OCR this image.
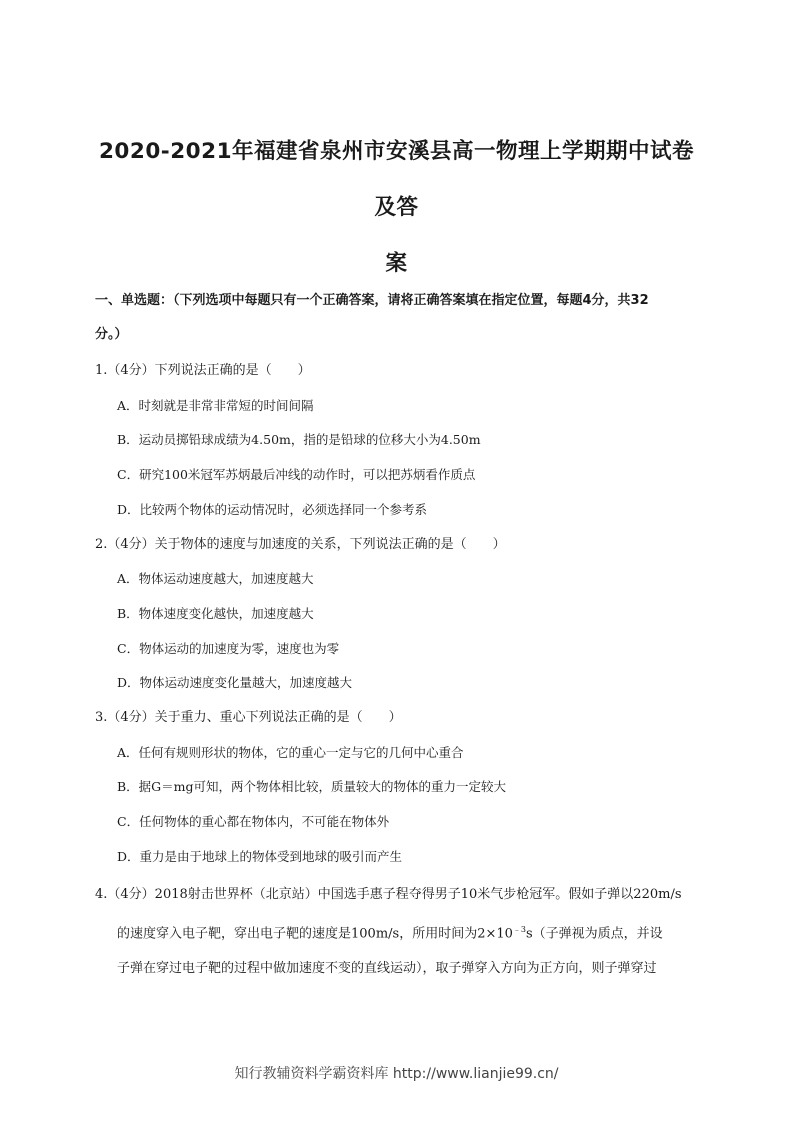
2020-2021年福建省泉州市安溪县高一物理上学期期中试卷及答
案
一、单选题：（下列选项中每题只有一个正确答案，请将正确答案填在指定位置，每题4分，共32
分。）
1.（4分）下列说法正确的是（　　）
A．时刻就是非常非常短的时间间隔
B．运动员掷铅球成绩为4.50m，指的是铅球的位移大小为4.50m
C．研究100米冠军苏炳最后冲线的动作时，可以把苏炳看作质点
D．比较两个物体的运动情况时，必须选择同一个参考系
2.（4分）关于物体的速度与加速度的关系，下列说法正确的是（　　）
A．物体运动速度越大，加速度越大
B．物体速度变化越快，加速度越大
C．物体运动的加速度为零，速度也为零
D．物体运动速度变化量越大，加速度越大
3.（4分）关于重力、重心下列说法正确的是（　　）
A．任何有规则形状的物体，它的重心一定与它的几何中心重合
B．据G＝mg可知，两个物体相比较，质量较大的物体的重力一定较大
C．任何物体的重心都在物体内，不可能在物体外
D．重力是由于地球上的物体受到地球的吸引而产生
4.（4分）2018射击世界杯（北京站）中国选手惠子程夺得男子10米气步枪冠军。假如子弹以220m/s
的速度穿入电子靶，穿出电子靶的速度是100m/s，所用时间为$2\times 10^{﹣3}s$（子弹视为质点，并设
子弹在穿过电子靶的过程中做加速度不变的直线运动），取子弹穿入方向为正方向，则子弹穿过
知行教辅资料学霸资料库 http://www.lianjie99.cn/
